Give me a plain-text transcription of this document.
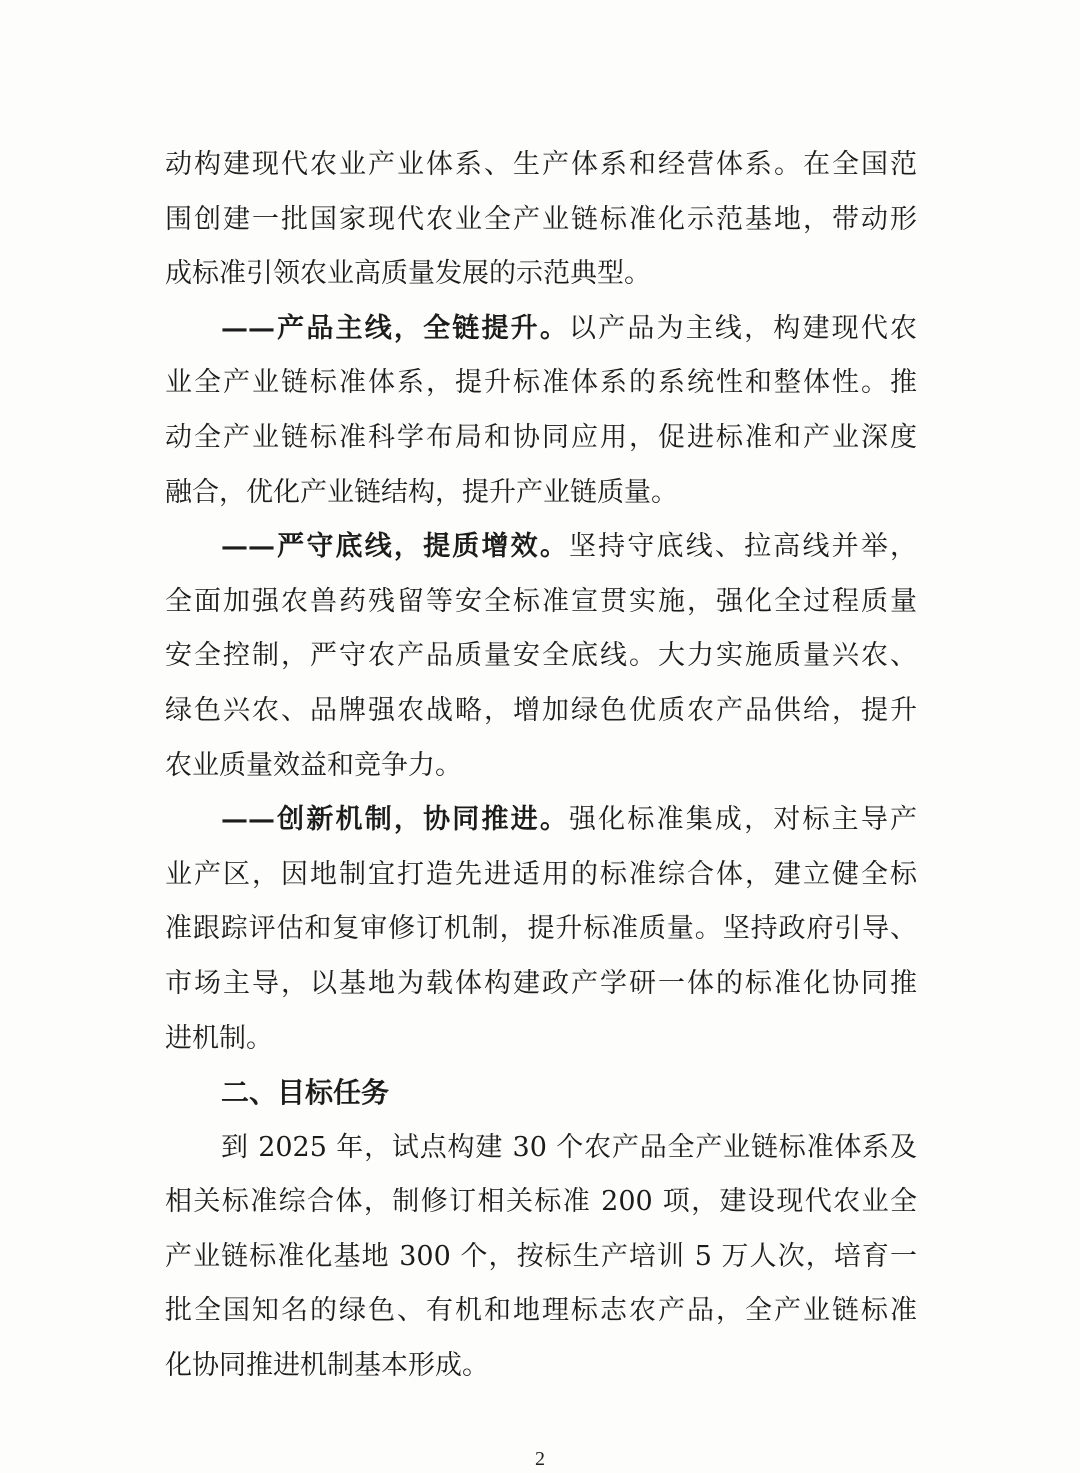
动构建现代农业产业体系、生产体系和经营体系。在全国范
围创建一批国家现代农业全产业链标准化示范基地，带动形
成标准引领农业高质量发展的示范典型。
——产品主线，全链提升。以产品为主线，构建现代农
业全产业链标准体系，提升标准体系的系统性和整体性。推
动全产业链标准科学布局和协同应用，促进标准和产业深度
融合，优化产业链结构，提升产业链质量。
——严守底线，提质增效。坚持守底线、拉高线并举，
全面加强农兽药残留等安全标准宣贯实施，强化全过程质量
安全控制，严守农产品质量安全底线。大力实施质量兴农、
绿色兴农、品牌强农战略，增加绿色优质农产品供给，提升
农业质量效益和竞争力。
——创新机制，协同推进。强化标准集成，对标主导产
业产区，因地制宜打造先进适用的标准综合体，建立健全标
准跟踪评估和复审修订机制，提升标准质量。坚持政府引导、
市场主导，以基地为载体构建政产学研一体的标准化协同推
进机制。
二、目标任务
到 2025 年，试点构建 30 个农产品全产业链标准体系及
相关标准综合体，制修订相关标准 200 项，建设现代农业全
产业链标准化基地 300 个，按标生产培训 5 万人次，培育一
批全国知名的绿色、有机和地理标志农产品，全产业链标准
化协同推进机制基本形成。
2
